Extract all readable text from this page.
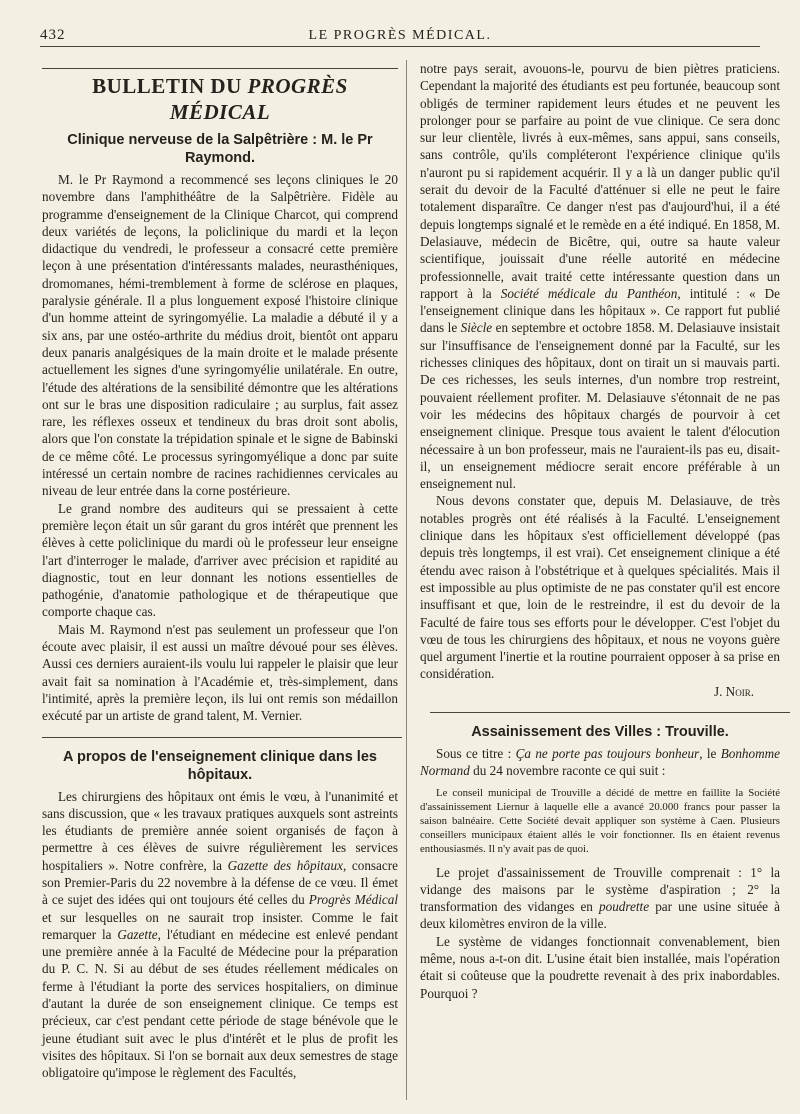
432	LE PROGRÈS MÉDICAL.
BULLETIN DU PROGRÈS MÉDICAL
Clinique nerveuse de la Salpêtrière : M. le Pr Raymond.

M. le Pr Raymond a recommencé ses leçons cliniques le 20 novembre dans l'amphithéâtre de la Salpêtrière. Fidèle au programme d'enseignement de la Clinique Charcot, qui comprend deux variétés de leçons, la policlinique du mardi et la leçon didactique du vendredi, le professeur a consacré cette première leçon à une présentation d'intéressants malades, neurasthéniques, dromomanes, hémi-tremblement à forme de sclérose en plaques, paralysie générale. Il a plus longuement exposé l'histoire clinique d'un homme atteint de syringomyélie. La maladie a débuté il y a six ans, par une ostéo-arthrite du médius droit, bientôt ont apparu deux panaris analgésiques de la main droite et le malade présente actuellement les signes d'une syringomyélie unilatérale. En outre, l'étude des altérations de la sensibilité démontre que les altérations ont sur le bras une disposition radiculaire ; au surplus, fait assez rare, les réflexes osseux et tendineux du bras droit sont abolis, alors que l'on constate la trépidation spinale et le signe de Babinski de ce même côté. Le processus syringomyélique a donc par suite intéressé un certain nombre de racines rachidiennes cervicales au niveau de leur entrée dans la corne postérieure.

Le grand nombre des auditeurs qui se pressaient à cette première leçon était un sûr garant du gros intérêt que prennent les élèves à cette policlinique du mardi où le professeur leur enseigne l'art d'interroger le malade, d'arriver avec précision et rapidité au diagnostic, tout en leur donnant les notions essentielles de pathogénie, d'anatomie pathologique et de thérapeutique que comporte chaque cas.

Mais M. Raymond n'est pas seulement un professeur que l'on écoute avec plaisir, il est aussi un maître dévoué pour ses élèves. Aussi ces derniers auraient-ils voulu lui rappeler le plaisir que leur avait fait sa nomination à l'Académie et, très-simplement, dans l'intimité, après la première leçon, ils lui ont remis son médaillon exécuté par un artiste de grand talent, M. Vernier.

A propos de l'enseignement clinique dans les hôpitaux.

Les chirurgiens des hôpitaux ont émis le vœu, à l'unanimité et sans discussion, que « les travaux pratiques auxquels sont astreints les étudiants de première année soient organisés de façon à permettre à ces élèves de suivre régulièrement les services hospitaliers ». Notre confrère, la Gazette des hôpitaux, consacre son Premier-Paris du 22 novembre à la défense de ce vœu. Il émet à ce sujet des idées qui ont toujours été celles du Progrès Médical et sur lesquelles on ne saurait trop insister. Comme le fait remarquer la Gazette, l'étudiant en médecine est enlevé pendant une première année à la Faculté de Médecine pour la préparation du P. C. N. Si au début de ses études réellement médicales on ferme à l'étudiant la porte des services hospitaliers, on diminue d'autant la durée de son enseignement clinique. Ce temps est précieux, car c'est pendant cette période de stage bénévole que le jeune étudiant suit avec le plus d'intérêt et le plus de profit les visites des hôpitaux. Si l'on se bornait aux deux semestres de stage obligatoire qu'impose le règlement des Facultés,

notre pays serait, avouons-le, pourvu de bien piètres praticiens. Cependant la majorité des étudiants est peu fortunée, beaucoup sont obligés de terminer rapidement leurs études et ne peuvent les prolonger pour se parfaire au point de vue clinique. Ce sera donc sur leur clientèle, livrés à eux-mêmes, sans appui, sans conseils, sans contrôle, qu'ils compléteront l'expérience clinique qu'ils n'auront pu si rapidement acquérir. Il y a là un danger public qu'il serait du devoir de la Faculté d'atténuer si elle ne peut le faire totalement disparaître. Ce danger n'est pas d'aujourd'hui, il a été depuis longtemps signalé et le remède en a été indiqué. En 1858, M. Delasiauve, médecin de Bicêtre, qui, outre sa haute valeur scientifique, jouissait d'une réelle autorité en médecine professionnelle, avait traité cette intéressante question dans un rapport à la Société médicale du Panthéon, intitulé : « De l'enseignement clinique dans les hôpitaux ». Ce rapport fut publié dans le Siècle en septembre et octobre 1858. M. Delasiauve insistait sur l'insuffisance de l'enseignement donné par la Faculté, sur les richesses cliniques des hôpitaux, dont on tirait un si mauvais parti. De ces richesses, les seuls internes, d'un nombre trop restreint, pouvaient réellement profiter. M. Delasiauve s'étonnait de ne pas voir les médecins des hôpitaux chargés de pourvoir à cet enseignement clinique. Presque tous avaient le talent d'élocution nécessaire à un bon professeur, mais ne l'auraient-ils pas eu, disait-il, un enseignement médiocre serait encore préférable à un enseignement nul.

Nous devons constater que, depuis M. Delasiauve, de très notables progrès ont été réalisés à la Faculté. L'enseignement clinique dans les hôpitaux s'est officiellement développé (pas depuis très longtemps, il est vrai). Cet enseignement clinique a été étendu avec raison à l'obstétrique et à quelques spécialités. Mais il est impossible au plus optimiste de ne pas constater qu'il est encore insuffisant et que, loin de le restreindre, il est du devoir de la Faculté de faire tous ses efforts pour le développer. C'est l'objet du vœu de tous les chirurgiens des hôpitaux, et nous ne voyons guère quel argument l'inertie et la routine pourraient opposer à sa prise en considération.

J. Noir.
Assainissement des Villes : Trouville.

Sous ce titre : Ça ne porte pas toujours bonheur, le Bonhomme Normand du 24 novembre raconte ce qui suit :

Le conseil municipal de Trouville a décidé de mettre en faillite la Société d'assainissement Liernur à laquelle elle a avancé 20.000 francs pour passer la saison balnéaire. Cette Société devait appliquer son système à Caen. Plusieurs conseillers municipaux étaient allés le voir fonctionner. Ils en étaient revenus enthousiasmés. Il n'y avait pas de quoi.

Le projet d'assainissement de Trouville comprenait : 1° la vidange des maisons par le système d'aspiration ; 2° la transformation des vidanges en poudrette par une usine située à deux kilomètres environ de la ville.

Le système de vidanges fonctionnait convenablement, bien même, nous a-t-on dit. L'usine était bien installée, mais l'opération était si coûteuse que la poudrette revenait à des prix inabordables. Pourquoi ?
